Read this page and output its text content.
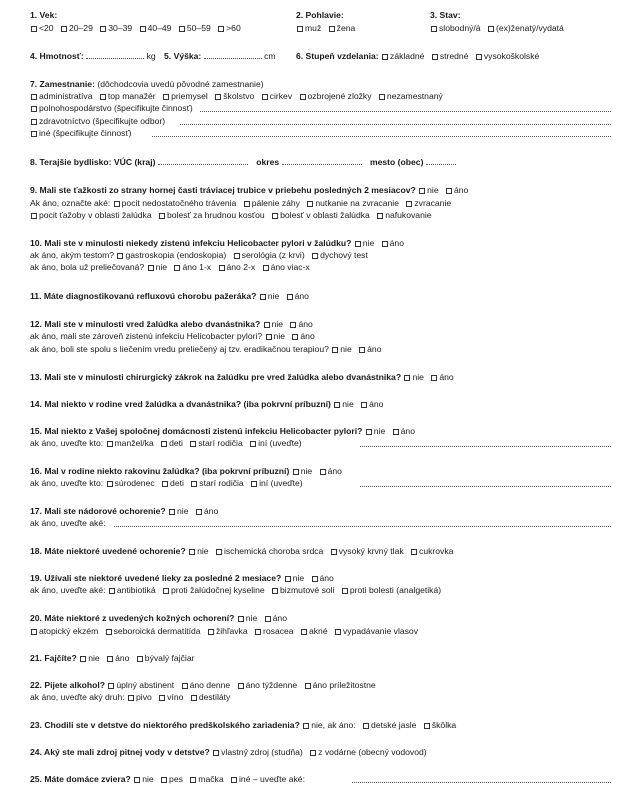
1. Vek:
<20 20–29 30–39 40–49 50–59 >60
2. Pohlavie:
muž žena
3. Stav:
slobodný/á (ex)ženatý/vydatá
4. Hmotnosť:	kg 5. Výška:	cm 6. Stupeň vzdelania: základné stredné vysokoškolské
7. Zamestnanie: (dôchodcovia uvedú pôvodné zamestnanie)
administratíva top manažér priemysel školstvo cirkev ozbrojené zložky nezamestnaný
polnohospodárstvo (špecifikujte činnosť)
zdravotníctvo (špecifikujte odbor)
iné (špecifikujte činnosť)
8. Terajšie bydlisko: VÚC (kraj)	okres	mesto (obec)
9. Mali ste ťažkosti zo strany hornej časti tráviacej trubice v priebehu posledných 2 mesiacov? nie áno
Ak áno, označte aké: pocit nedostatočného trávenia pálenie záhy nutkanie na zvracanie zvracanie
pocit ťažoby v oblasti žalúdka bolesť za hrudnou kosťou bolesť v oblasti žalúdka nafukovanie
10. Mali ste v minulosti niekedy zistenú infekciu Helicobacter pylori v žalúdku? nie áno
ak áno, akým testom? gastroskopia (endoskopia) serológia (z krvi) dychový test
ak áno, bola už preliečovaná? nie áno 1-x áno 2-x áno viac-x
11. Máte diagnostikovanú refluxovú chorobu pažeráka? nie áno
12. Mali ste v minulosti vred žalúdka alebo dvanástnika? nie áno
ak áno, mali ste zároveň zistenú infekciu Helicobacter pylori? nie áno
ak áno, boli ste spolu s liečením vredu preliečený aj tzv. eradikačnou terapiou? nie áno
13. Mali ste v minulosti chirurgický zákrok na žalúdku pre vred žalúdka alebo dvanástnika? nie áno
14. Mal niekto v rodine vred žalúdka a dvanástnika? (iba pokrvní príbuzní) nie áno
15. Mal niekto z Vašej spoločnej domácnosti zistenú infekciu Helicobacter pylori? nie áno
ak áno, uveďte kto: manžel/ka deti starí rodičia iní (uveďte)
16. Mal v rodine niekto rakovinu žalúdka? (iba pokrvní príbuzní) nie áno
ak áno, uveďte kto: súrodenec deti starí rodičia iní (uveďte)
17. Mali ste nádorové ochorenie? nie áno
ak áno, uveďte aké:
18. Máte niektoré uvedené ochorenie? nie ischemická choroba srdca vysoký krvný tlak cukrovka
19. Užívali ste niektoré uvedené lieky za posledné 2 mesiace? nie áno
ak áno, uveďte aké: antibiotiká proti žalúdočnej kyseline bizmutové soli proti bolesti (analgetiká)
20. Máte niektoré z uvedených kožných ochorení? nie áno
atopický ekzém seboroická dermatitída žihľavka rosacea akné vypadávanie vlasov
21. Fajčíte? nie áno bývalý fajčiar
22. Pijete alkohol? úplný abstinent áno denne áno týždenne áno príležitostne
ak áno, uveďte aký druh: pivo víno destiláty
23. Chodili ste v detstve do niektorého predškolského zariadenia? nie, ak áno: detské jasle škôlka
24. Aký ste mali zdroj pitnej vody v detstve? vlastný zdroj (studňa) z vodárne (obecný vodovod)
25. Máte domáce zviera? nie pes mačka iné – uveďte aké:
